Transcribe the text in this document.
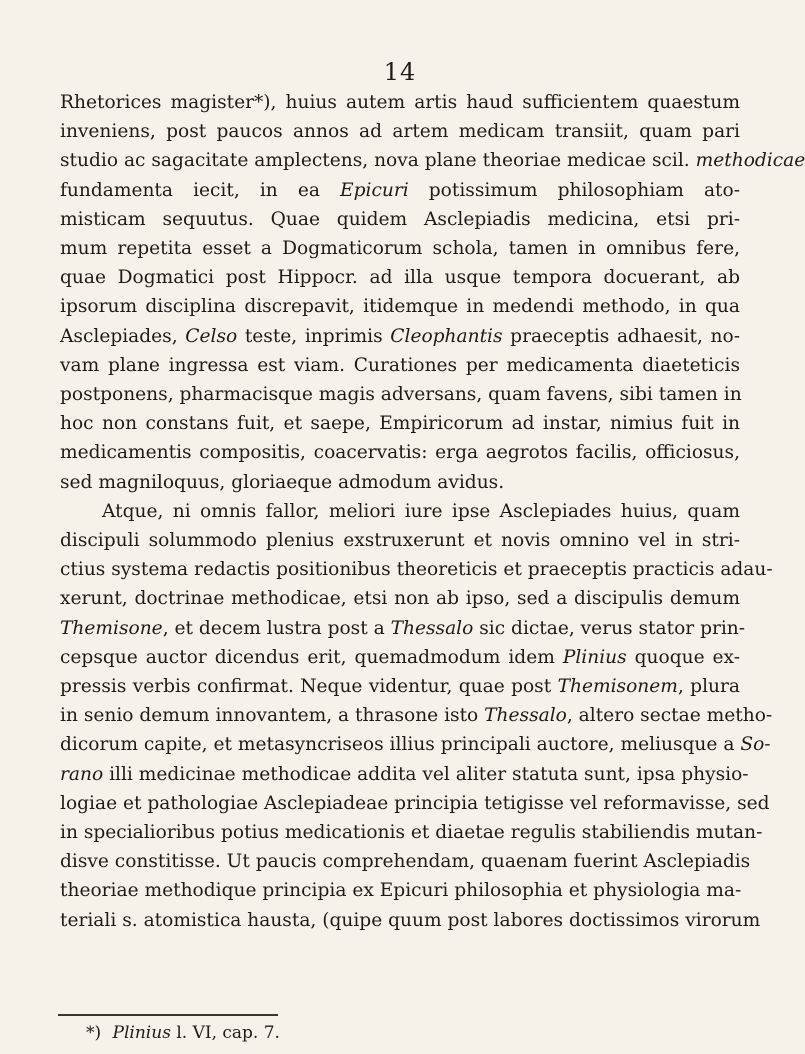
14
Rhetorices magister*), huius autem artis haud sufficientem quaestum
inveniens, post paucos annos ad artem medicam transiit, quam pari
studio ac sagacitate amplectens, nova plane theoriae medicae scil. methodicae
fundamenta iecit, in ea Epicuri potissimum philosophiam ato-
misticam sequutus. Quae quidem Asclepiadis medicina, etsi pri-
mum repetita esset a Dogmaticorum schola, tamen in omnibus fere,
quae Dogmatici post Hippocr. ad illa usque tempora docuerant, ab
ipsorum disciplina discrepavit, itidemque in medendi methodo, in qua
Asclepiades, Celso teste, inprimis Cleophantis praeceptis adhaesit, no-
vam plane ingressa est viam. Curationes per medicamenta diaeteticis
postponens, pharmacisque magis adversans, quam favens, sibi tamen in
hoc non constans fuit, et saepe, Empiricorum ad instar, nimius fuit in
medicamentis compositis, coacervatis: erga aegrotos facilis, officiosus,
sed magniloquus, gloriaeque admodum avidus.
Atque, ni omnis fallor, meliori iure ipse Asclepiades huius, quam
discipuli solummodo plenius exstruxerunt et novis omnino vel in stri-
ctius systema redactis positionibus theoreticis et praeceptis practicis adau-
xerunt, doctrinae methodicae, etsi non ab ipso, sed a discipulis demum
Themisone, et decem lustra post a Thessalo sic dictae, verus stator prin-
cepsque auctor dicendus erit, quemadmodum idem Plinius quoque ex-
pressis verbis confirmat. Neque videntur, quae post Themisonem, plura
in senio demum innovantem, a thrasone isto Thessalo, altero sectae metho-
dicorum capite, et metasyncriseos illius principali auctore, meliusque a So-
rano illi medicinae methodicae addita vel aliter statuta sunt, ipsa physio-
logiae et pathologiae Asclepiadeae principia tetigisse vel reformavisse, sed
in specialioribus potius medicationis et diaetae regulis stabiliendis mutan-
disve constitisse. Ut paucis comprehendam, quaenam fuerint Asclepiadis
theoriae methodique principia ex Epicuri philosophia et physiologia ma-
teriali s. atomistica hausta, (quipe quum post labores doctissimos virorum
*) Plinius l. VI, cap. 7.
